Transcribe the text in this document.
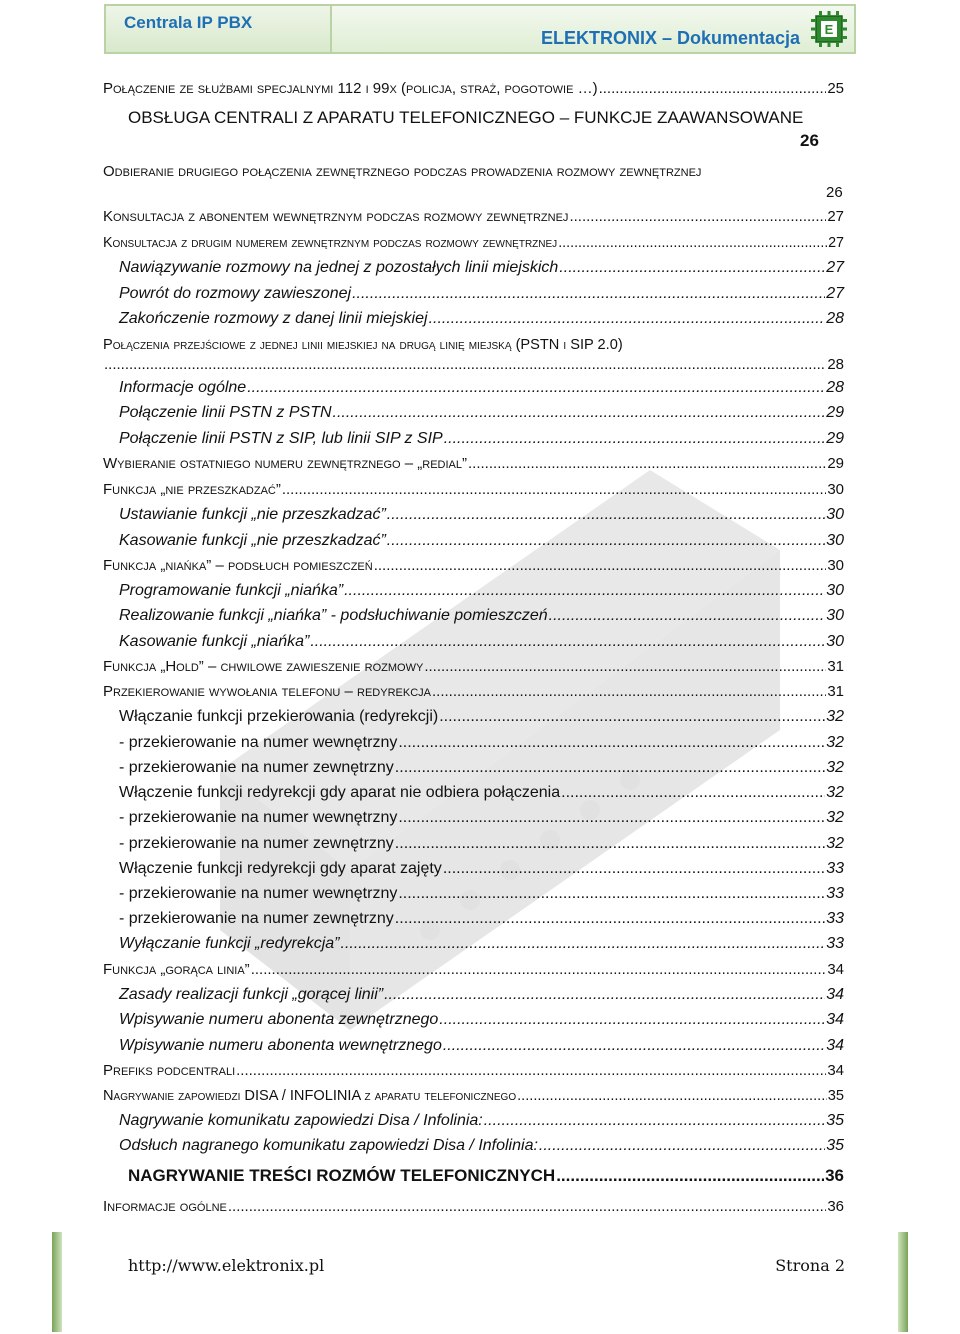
Centrala IP PBX
ELEKTRONIX – Dokumentacja E
Połączenie ze służbami specjalnymi 112 i 99x (policja, straż, pogotowie …) .....	25
OBSŁUGA CENTRALI Z APARATU TELEFONICZNEGO – FUNKCJE ZAAWANSOWANE
26
Odbieranie drugiego połączenia zewnętrznego podczas prowadzenia rozmowy zewnętrznej
26
Konsultacja z abonentem wewnętrznym podczas rozmowy zewnętrznej .....	27
Konsultacja z drugim numerem zewnętrznym podczas rozmowy zewnętrznej .....	27
Nawiązywanie rozmowy na jednej z pozostałych linii miejskich .....	27
Powrót do rozmowy zawieszonej .....	27
Zakończenie rozmowy z danej linii miejskiej .....	28
Połączenia przejściowe z jednej linii miejskiej na drugą linię miejską (PSTN i SIP 2.0)
.....
28
Informacje ogólne .....	28
Połączenie linii PSTN z PSTN .....	29
Połączenie linii PSTN z SIP, lub linii SIP z SIP .....	29
Wybieranie ostatniego numeru zewnętrznego – „redial” .....	29
Funkcja „nie przeszkadzać” .....	30
Ustawianie funkcji „nie przeszkadzać” .....	30
Kasowanie funkcji „nie przeszkadzać” .....	30
Funkcja „niańka” – podsłuch pomieszczeń .....	30
Programowanie funkcji „niańka” .....	30
Realizowanie funkcji „niańka” - podsłuchiwanie pomieszczeń .....	30
Kasowanie funkcji „niańka” .....	30
Funkcja „Hold” – chwilowe zawieszenie rozmowy .....	31
Przekierowanie wywołania telefonu – redyrekcja .....	31
Włączanie funkcji przekierowania (redyrekcji) .....	32
- przekierowanie na numer wewnętrzny .....	32
- przekierowanie na numer zewnętrzny .....	32
Włączenie funkcji redyrekcji gdy aparat nie odbiera połączenia .....	32
- przekierowanie na numer wewnętrzny .....	32
- przekierowanie na numer zewnętrzny .....	32
Włączenie funkcji redyrekcji gdy aparat zajęty .....	33
- przekierowanie na numer wewnętrzny .....	33
- przekierowanie na numer zewnętrzny .....	33
Wyłączanie funkcji „redyrekcja” .....	33
Funkcja „gorąca linia” .....	34
Zasady realizacji funkcji „gorącej linii” .....	34
Wpisywanie numeru abonenta zewnętrznego .....	34
Wpisywanie numeru abonenta wewnętrznego .....	34
Prefiks podcentrali .....	34
Nagrywanie zapowiedzi DISA / INFOLINIA z aparatu telefonicznego .....	35
Nagrywanie komunikatu zapowiedzi Disa / Infolinia: .....	35
Odsłuch nagranego komunikatu zapowiedzi Disa / Infolinia: .....	35
NAGRYWANIE TREŚCI ROZMÓW TELEFONICZNYCH .....	36
Informacje ogólne .....	36
http://www.elektronix.pl	Strona 2
